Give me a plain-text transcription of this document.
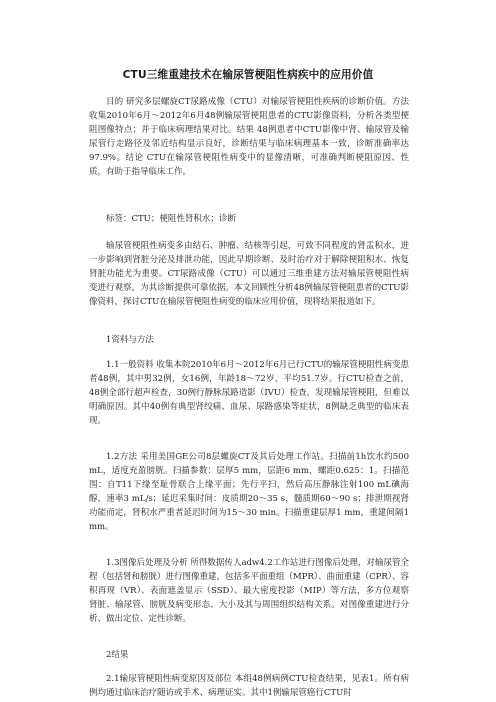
CTU三维重建技术在输尿管梗阻性病疾中的应用价值

目的 研究多层螺旋CT尿路成像（CTU）对输尿管梗阻性疾病的诊断价值。方法 收集2010年6月～2012年6月48例输尿管梗阻患者的CTU影像资料，分析各类型梗阻图像特点；并于临床病理结果对比。结果 48例患者中CTU影像中肾、输尿管及输尿管行走路径及邻近结构显示良好，诊断结果与临床病理基本一致，诊断准确率达97.9%。结论 CTU在输尿管梗阻性病变中的显像清晰，可准确判断梗阻原因、性质，有助于指导临床工作。

标签：CTU；梗阻性肾积水；诊断

输尿管梗阻性病变多由结石、肿瘤、结核等引起，可致不同程度的肾盂积水，进一步影响到肾脏分泌及排泄功能，因此早期诊断、及时治疗对于解除梗阻积水、恢复肾脏功能尤为重要。CT尿路成像（CTU）可以通过三维重建方法对输尿管梗阻性病变进行观察，为其诊断提供可靠依据。本文回顾性分析48例输尿管梗阻患者的CTU影像资料，探讨CTU在输尿管梗阻性病变的临床应用价值，现将结果报道如下。

1资料与方法

1.1一般资料 收集本院2010年6月～2012年6月已行CTU的输尿管梗阻性病变患者48例，其中男32例，女16例，年龄18～72岁，平均51.7岁。行CTU检查之前，48例全部行超声检查，30例行静脉尿路造影（IVU）检查，发现输尿管梗阻，但难以明确原因。其中40例有典型肾绞痛、血尿、尿路感染等症状，8例缺乏典型的临床表现。

1.2方法 采用美国GE公司8层螺旋CT及其后处理工作站。扫描前1h饮水约500 mL，适度充盈膀胱。扫描参数：层厚5 mm，层距6 mm，螺距0.625：1。扫描范围：自T11下缘至耻骨联合上缘平面；先行平扫，然后高压静脉注射100 mL碘海醇，速率3 mL/s；延迟采集时间：皮质期20～35 s，髓质期60～90 s；排泄期视肾功能而定，肾积水严重者延迟时间为15～30 min。扫描重建层厚1 mm，重建间隔1 mm。

1.3图像后处理及分析 所得数据传人adw4.2工作站进行图像后处理，对输尿管全程（包括肾和膀胱）进行图像重建，包括多平面重组（MPR）、曲面重建（CPR）、容积再现（VR）、表面遮盖显示（SSD）、最大密度投影（MIP）等方法，多方位观察肾脏、输尿管、膀胱及病变形态、大小及其与周围组织结构关系。对图像重建进行分析、做出定位、定性诊断。

2结果

2.1输尿管梗阻性病变原因及部位 本组48例病例CTU检查结果，见表1。所有病例均通过临床治疗随访或手术、病理证实。其中1例输尿管癌行CTU时
